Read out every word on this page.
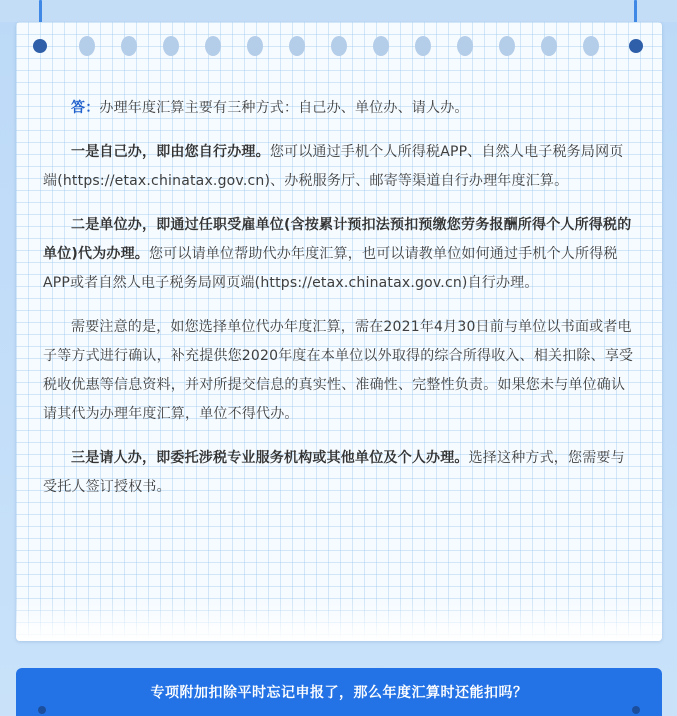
答：办理年度汇算主要有三种方式：自己办、单位办、请人办。

一是自己办，即由您自行办理。您可以通过手机个人所得税APP、自然人电子税务局网页端(https://etax.chinatax.gov.cn)、办税服务厅、邮寄等渠道自行办理年度汇算。

二是单位办，即通过任职受雇单位(含按累计预扣法预扣预缴您劳务报酬所得个人所得税的单位)代为办理。您可以请单位帮助代办年度汇算，也可以请教单位如何通过手机个人所得税APP或者自然人电子税务局网页端(https://etax.chinatax.gov.cn)自行办理。

需要注意的是，如您选择单位代办年度汇算，需在2021年4月30日前与单位以书面或者电子等方式进行确认，补充提供您2020年度在本单位以外取得的综合所得收入、相关扣除、享受税收优惠等信息资料，并对所提交信息的真实性、准确性、完整性负责。如果您未与单位确认请其代为办理年度汇算，单位不得代办。

三是请人办，即委托涉税专业服务机构或其他单位及个人办理。选择这种方式，您需要与受托人签订授权书。

专项附加扣除平时忘记申报了，那么年度汇算时还能扣吗？
